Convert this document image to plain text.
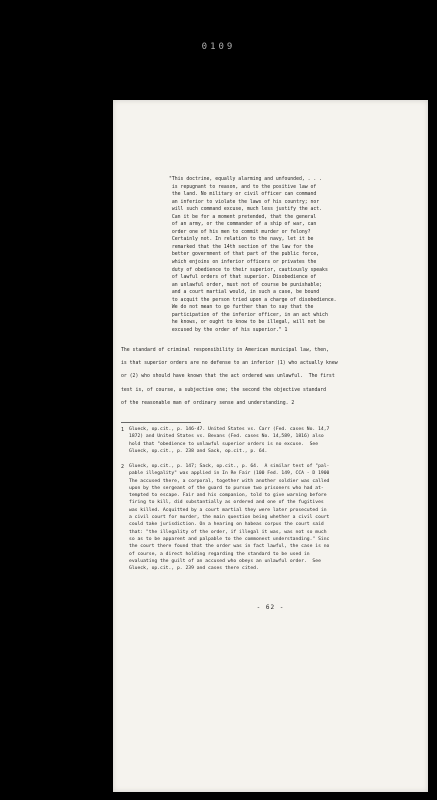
0109
"This doctrine, equally alarming and unfounded, . . .
is repugnant to reason, and to the positive law of
the land. No military or civil officer can command
an inferior to violate the laws of his country; nor
will such command excuse, much less justify the act.
Can it be for a moment pretended, that the general
of an army, or the commander of a ship of war, can
order one of his men to commit murder or felony?
Certainly not. In relation to the navy, let it be
remarked that the 14th section of the law for the
better government of that part of the public force,
which enjoins on inferior officers or privates the
duty of obedience to their superior, cautiously speaks
of lawful orders of that superior. Disobedience of
an unlawful order, must not of course be punishable;
and a court martial would, in such a case, be bound
to acquit the person tried upon a charge of disobedience.
We do not mean to go further than to say that the
participation of the inferior officer, in an act which
he knows, or ought to know to be illegal, will not be
excused by the order of his superior." 1
The standard of criminal responsibility in American municipal law, then,
is that superior orders are no defense to an inferior (1) who actually knew
or (2) who should have known that the act ordered was unlawful.  The first
test is, of course, a subjective one; the second the objective standard
of the reasonable man of ordinary sense and understanding. 2
1 Glueck, op.cit., p. 146-47. United States vs. Carr (Fed. cases No. 14,7
1872) and United States vs. Bevans (Fed. cases No. 14,589, 1816) also
hold that "obedience to unlawful superior orders is no excuse.  See
Glueck, op.cit., p. 238 and Sack, op.cit., p. 64.
2 Glueck, op.cit., p. 147; Sack, op.cit., p. 64.  A similar test of "pal-
pable illegality" was applied in In Re Fair (100 Fed. 149, CCA - D 1900
The accused there, a corporal, together with another soldier was called
upon by the sergeant of the guard to pursue two prisoners who had at-
tempted to escape. Fair and his companion, told to give warning before
firing to kill, did substantially as ordered and one of the fugitives
was killed. Acquitted by a court martial they were later prosecuted in
a civil court for murder, the main question being whether a civil court
could take jurisdiction. On a hearing on habeas corpus the court said
that: "the illegality of the order, if illegal it was, was not so much
so as to be apparent and palpable to the commonest understanding." Sinc
the court there found that the order was in fact lawful, the case is no
of course, a direct holding regarding the standard to be used in
evaluating the guilt of an accused who obeys an unlawful order.  See
Glueck, op.cit., p. 239 and cases there cited.
- 62 -
